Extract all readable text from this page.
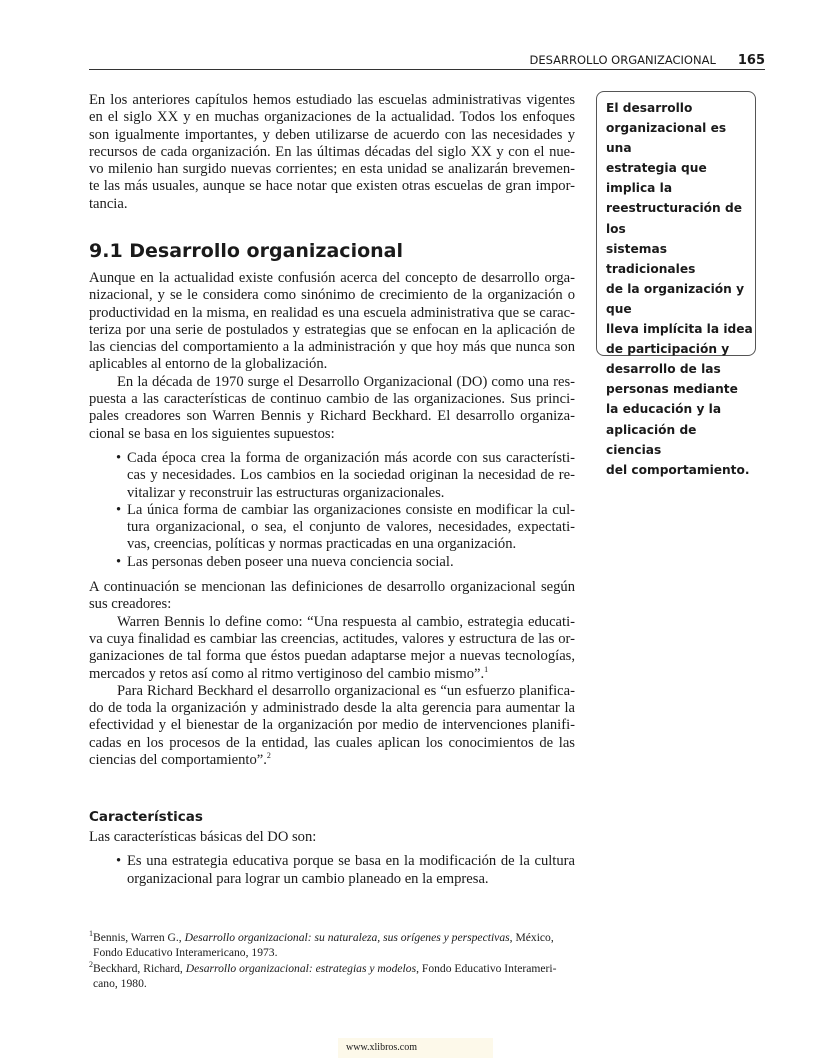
DESARROLLO ORGANIZACIONAL 165
En los anteriores capítulos hemos estudiado las escuelas administrativas vigentes
en el siglo XX y en muchas organizaciones de la actualidad. Todos los enfoques
son igualmente importantes, y deben utilizarse de acuerdo con las necesidades y
recursos de cada organización. En las últimas décadas del siglo XX y con el nue-
vo milenio han surgido nuevas corrientes; en esta unidad se analizarán brevemen-
te las más usuales, aunque se hace notar que existen otras escuelas de gran impor-
tancia.
El desarrollo
organizacional es una
estrategia que implica la
reestructuración de los
sistemas tradicionales
de la organización y que
lleva implícita la idea
de participación y
desarrollo de las
personas mediante
la educación y la
aplicación de ciencias
del comportamiento.
9.1 Desarrollo organizacional
Aunque en la actualidad existe confusión acerca del concepto de desarrollo orga-
nizacional, y se le considera como sinónimo de crecimiento de la organización o
productividad en la misma, en realidad es una escuela administrativa que se carac-
teriza por una serie de postulados y estrategias que se enfocan en la aplicación de
las ciencias del comportamiento a la administración y que hoy más que nunca son
aplicables al entorno de la globalización.
En la década de 1970 surge el Desarrollo Organizacional (DO) como una res-
puesta a las características de continuo cambio de las organizaciones. Sus princi-
pales creadores son Warren Bennis y Richard Beckhard. El desarrollo organiza-
cional se basa en los siguientes supuestos:
• Cada época crea la forma de organización más acorde con sus característi-
cas y necesidades. Los cambios en la sociedad originan la necesidad de re-
vitalizar y reconstruir las estructuras organizacionales.
• La única forma de cambiar las organizaciones consiste en modificar la cul-
tura organizacional, o sea, el conjunto de valores, necesidades, expectati-
vas, creencias, políticas y normas practicadas en una organización.
• Las personas deben poseer una nueva conciencia social.
A continuación se mencionan las definiciones de desarrollo organizacional según
sus creadores:
Warren Bennis lo define como: “Una respuesta al cambio, estrategia educati-
va cuya finalidad es cambiar las creencias, actitudes, valores y estructura de las or-
ganizaciones de tal forma que éstos puedan adaptarse mejor a nuevas tecnologías,
mercados y retos así como al ritmo vertiginoso del cambio mismo”.$^1$
Para Richard Beckhard el desarrollo organizacional es “un esfuerzo planifica-
do de toda la organización y administrado desde la alta gerencia para aumentar la
efectividad y el bienestar de la organización por medio de intervenciones planifi-
cadas en los procesos de la entidad, las cuales aplican los conocimientos de las
ciencias del comportamiento”.$^2$
Características
Las características básicas del DO son:
• Es una estrategia educativa porque se basa en la modificación de la cultura
organizacional para lograr un cambio planeado en la empresa.
$^1$Bennis, Warren G., Desarrollo organizacional: su naturaleza, sus orígenes y perspectivas, México,
Fondo Educativo Interamericano, 1973.
$^2$Beckhard, Richard, Desarrollo organizacional: estrategias y modelos, Fondo Educativo Interameri-
cano, 1980.
www.xlibros.com
